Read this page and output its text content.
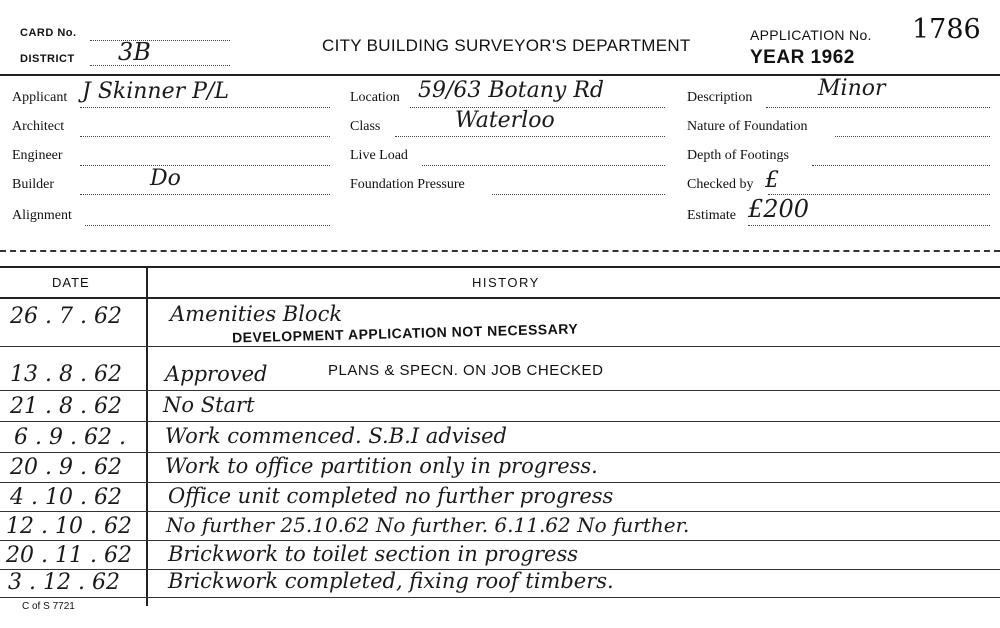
CARD No.
DISTRICT 3B	CITY BUILDING SURVEYOR'S DEPARTMENT
APPLICATION No. 1786
YEAR 1962
Applicant J Skinner P/L
Architect
Engineer
Builder	Do
Alignment
Location 59/63 Botany Rd
Class	Waterloo
Live Load
Foundation Pressure
Description	Minor
Nature of Foundation
Depth of Footings
Checked by £
Estimate £200
DATE	HISTORY
26 . 7 . 62 Amenities Block
DEVELOPMENT APPLICATION NOT NECESSARY
13 . 8 . 62 Approved	PLANS & SPECN. ON JOB CHECKED
21 . 8 . 62 No Start
6 . 9 . 62 . Work commenced. S.B.I advised
20 . 9 . 62 Work to office partition only in progress.
4 . 10 . 62 Office unit completed no further progress
12 . 10 . 62 No further 25.10.62 No further. 6.11.62 No further.
20 . 11 . 62 Brickwork to toilet section in progress
3 . 12 . 62 Brickwork completed, fixing roof timbers.
C of S 7721
